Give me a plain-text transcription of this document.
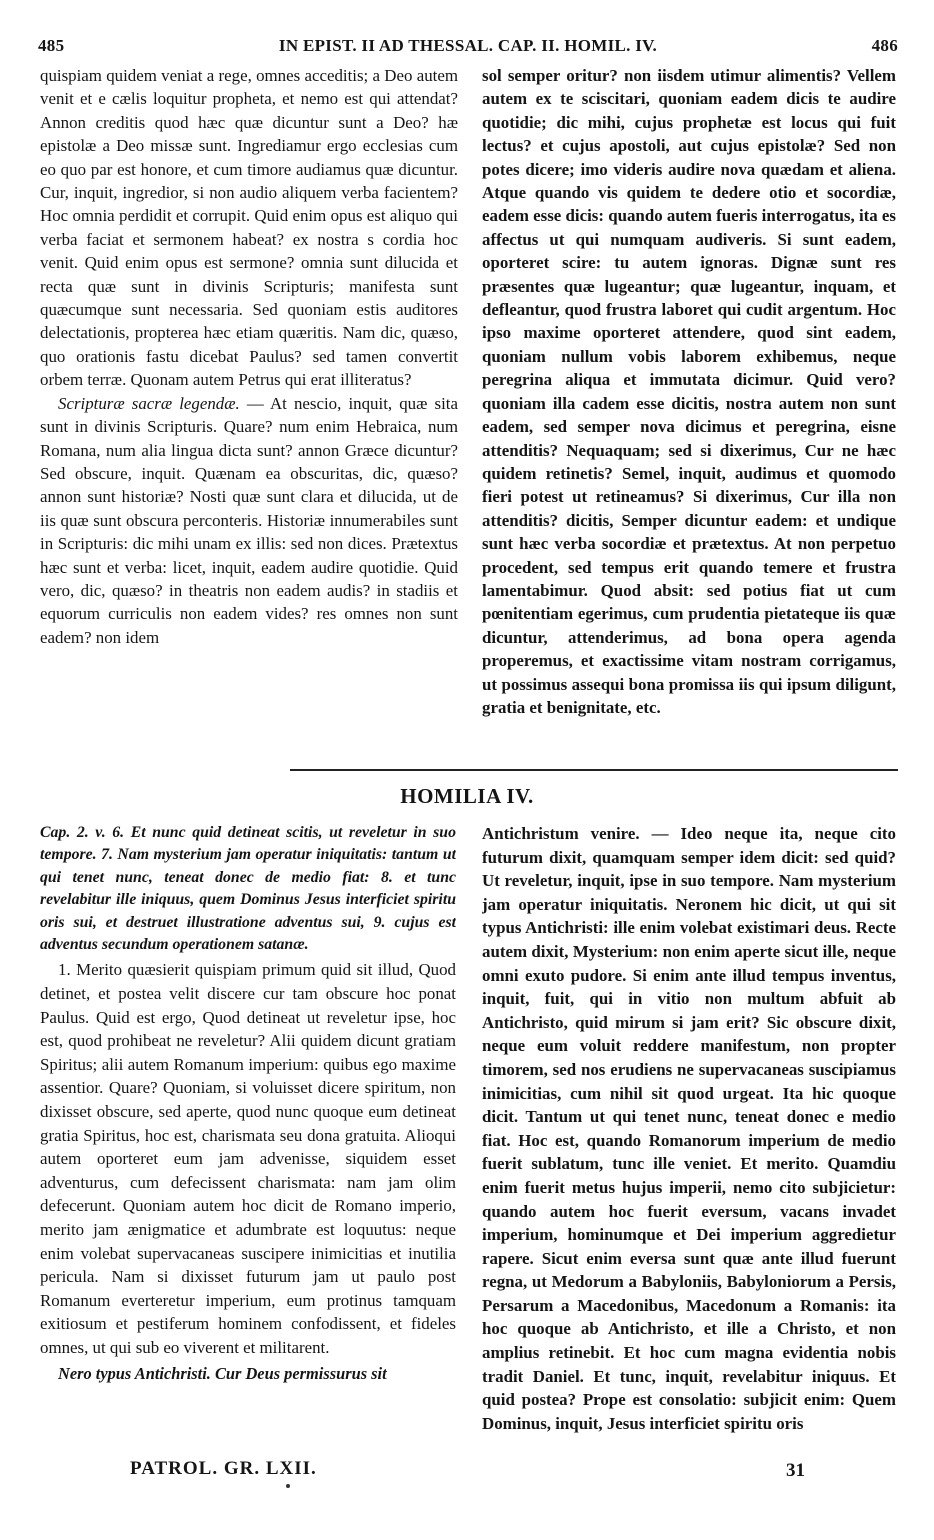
485	IN EPIST. II AD THESSAL. CAP. II. HOMIL. IV.	486

quispiam quidem veniat a rege, omnes acceditis; a Deo autem venit et e cælis loquitur propheta, et nemo est qui attendat? Annon creditis quod hæc quæ dicuntur sunt a Deo? hæ epistolæ a Deo missæ sunt. Ingrediamur ergo ecclesias cum eo quo par est honore, et cum timore audiamus quæ dicuntur. Cur, inquit, ingredior, si non audio aliquem verba facientem? Hoc omnia perdidit et corrupit. Quid enim opus est aliquo qui verba faciat et sermonem habeat? ex nostra s cordia hoc venit. Quid enim opus est sermone? omnia sunt dilucida et recta quæ sunt in divinis Scripturis; manifesta sunt quæcumque sunt necessaria. Sed quoniam estis auditores delectationis, propterea hæc etiam quæritis. Nam dic, quæso, quo orationis fastu dicebat Paulus? sed tamen convertit orbem terræ. Quonam autem Petrus qui erat illiteratus?

Scripturæ sacræ legendæ. — At nescio, inquit, quæ sita sunt in divinis Scripturis. Quare? num enim Hebraica, num Romana, num alia lingua dicta sunt? annon Græce dicuntur? Sed obscure, inquit. Quænam ea obscuritas, dic, quæso? annon sunt historiæ? Nosti quæ sunt clara et dilucida, ut de iis quæ sunt obscura perconteris. Historiæ innumerabiles sunt in Scripturis: dic mihi unam ex illis: sed non dices. Prætextus hæc sunt et verba: licet, inquit, eadem audire quotidie. Quid vero, dic, quæso? in theatris non eadem audis? in stadiis et equorum curriculis non eadem vides? res omnes non sunt eadem? non idem

sol semper oritur? non iisdem utimur alimentis? Vellem autem ex te sciscitari, quoniam eadem dicis te audire quotidie; dic mihi, cujus prophetæ est locus qui fuit lectus? et cujus apostoli, aut cujus epistolæ? Sed non potes dicere; imo videris audire nova quædam et aliena. Atque quando vis quidem te dedere otio et socordiæ, eadem esse dicis: quando autem fueris interrogatus, ita es affectus ut qui numquam audiveris. Si sunt eadem, oporteret scire: tu autem ignoras. Dignæ sunt res præsentes quæ lugeantur; quæ lugeantur, inquam, et defleantur, quod frustra laboret qui cudit argentum. Hoc ipso maxime oporteret attendere, quod sint eadem, quoniam nullum vobis laborem exhibemus, neque peregrina aliqua et immutata dicimur. Quid vero? quoniam illa cadem esse dicitis, nostra autem non sunt eadem, sed semper nova dicimus et peregrina, eisne attenditis? Nequaquam; sed si dixerimus, Cur ne hæc quidem retinetis? Semel, inquit, audimus et quomodo fieri potest ut retineamus? Si dixerimus, Cur illa non attenditis? dicitis, Semper dicuntur eadem: et undique sunt hæc verba socordiæ et prætextus. At non perpetuo procedent, sed tempus erit quando temere et frustra lamentabimur. Quod absit: sed potius fiat ut cum pœnitentiam egerimus, cum prudentia pietateque iis quæ dicuntur, attenderimus, ad bona opera agenda properemus, et exactissime vitam nostram corrigamus, ut possimus assequi bona promissa iis qui ipsum diligunt, gratia et benignitate, etc.

HOMILIA IV.

Cap. 2. v. 6. Et nunc quid detineat scitis, ut reveletur in suo tempore. 7. Nam mysterium jam operatur iniquitatis: tantum ut qui tenet nunc, teneat donec de medio fiat: 8. et tunc revelabitur ille iniquus, quem Dominus Jesus interficiet spiritu oris sui, et destruet illustratione adventus sui, 9. cujus est adventus secundum operationem satanæ.

1. Merito quæsierit quispiam primum quid sit illud, Quod detinet, et postea velit discere cur tam obscure hoc ponat Paulus. Quid est ergo, Quod detineat ut reveletur ipse, hoc est, quod prohibeat ne reveletur? Alii quidem dicunt gratiam Spiritus; alii autem Romanum imperium: quibus ego maxime assentior. Quare? Quoniam, si voluisset dicere spiritum, non dixisset obscure, sed aperte, quod nunc quoque eum detineat gratia Spiritus, hoc est, charismata seu dona gratuita. Alioqui autem oporteret eum jam advenisse, siquidem esset adventurus, cum defecissent charismata: nam jam olim defecerunt. Quoniam autem hoc dicit de Romano imperio, merito jam ænigmatice et adumbrate est loquutus: neque enim volebat supervacaneas suscipere inimicitias et inutilia pericula. Nam si dixisset futurum jam ut paulo post Romanum everteretur imperium, eum protinus tamquam exitiosum et pestiferum hominem confodissent, et fideles omnes, ut qui sub eo viverent et militarent.

Nero typus Antichristi. Cur Deus permissurus sit

Antichristum venire. — Ideo neque ita, neque cito futurum dixit, quamquam semper idem dicit: sed quid? Ut reveletur, inquit, ipse in suo tempore. Nam mysterium jam operatur iniquitatis. Neronem hic dicit, ut qui sit typus Antichristi: ille enim volebat existimari deus. Recte autem dixit, Mysterium: non enim aperte sicut ille, neque omni exuto pudore. Si enim ante illud tempus inventus, inquit, fuit, qui in vitio non multum abfuit ab Antichristo, quid mirum si jam erit? Sic obscure dixit, neque eum voluit reddere manifestum, non propter timorem, sed nos erudiens ne supervacaneas suscipiamus inimicitias, cum nihil sit quod urgeat. Ita hic quoque dicit. Tantum ut qui tenet nunc, teneat donec e medio fiat. Hoc est, quando Romanorum imperium de medio fuerit sublatum, tunc ille veniet. Et merito. Quamdiu enim fuerit metus hujus imperii, nemo cito subjicietur: quando autem hoc fuerit eversum, vacans invadet imperium, hominumque et Dei imperium aggredietur rapere. Sicut enim eversa sunt quæ ante illud fuerunt regna, ut Medorum a Babyloniis, Babyloniorum a Persis, Persarum a Macedonibus, Macedonum a Romanis: ita hoc quoque ab Antichristo, et ille a Christo, et non amplius retinebit. Et hoc cum magna evidentia nobis tradit Daniel. Et tunc, inquit, revelabitur iniquus. Et quid postea? Prope est consolatio: subjicit enim: Quem Dominus, inquit, Jesus interficiet spiritu oris

PATROL. GR. LXII.	31
